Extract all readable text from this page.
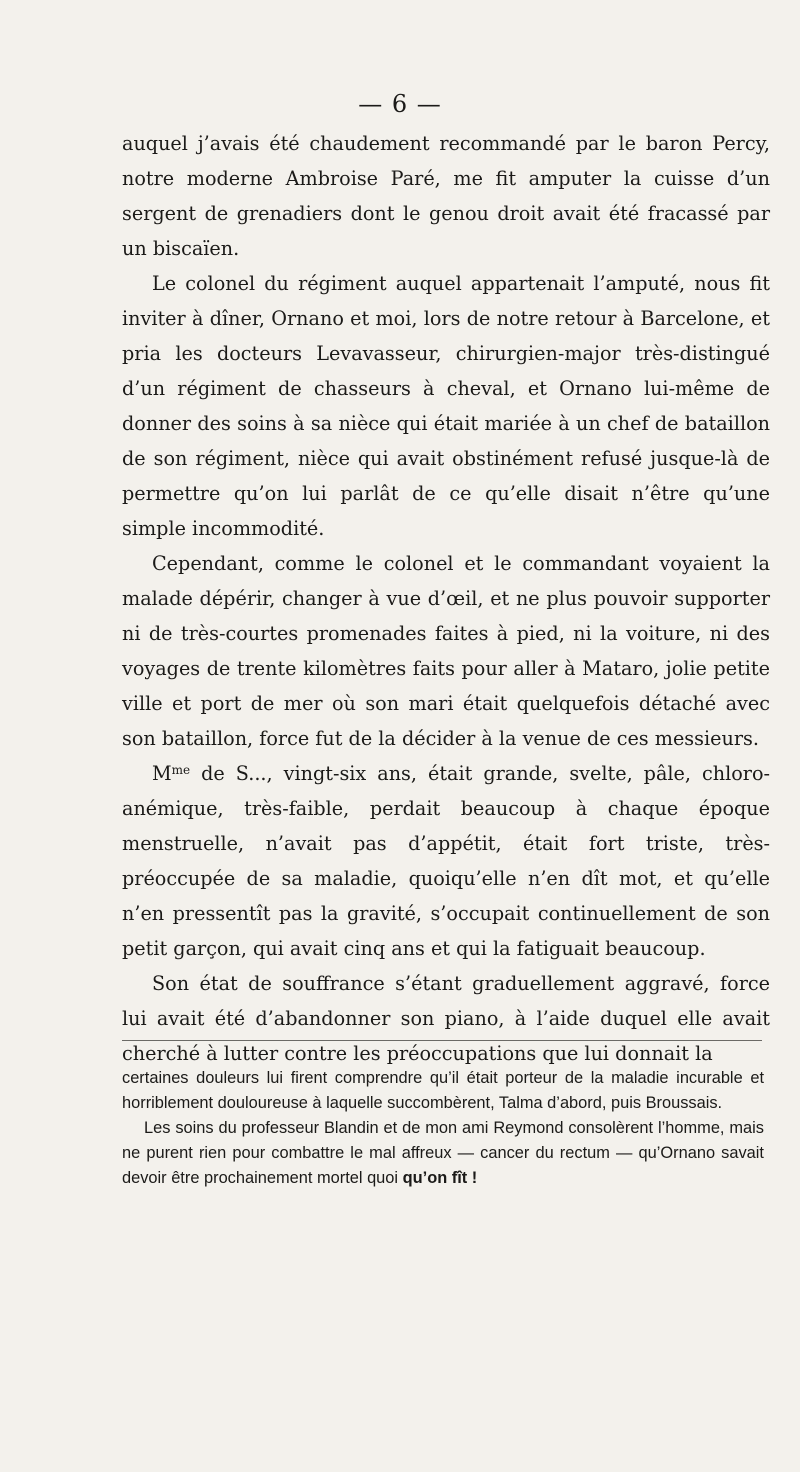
— 6 —

auquel j’avais été chaudement recommandé par le baron Percy, notre moderne Ambroise Paré, me fit amputer la cuisse d’un sergent de grenadiers dont le genou droit avait été fracassé par un biscaïen.

Le colonel du régiment auquel appartenait l’amputé, nous fit inviter à dîner, Ornano et moi, lors de notre retour à Barcelone, et pria les docteurs Levavasseur, chirurgien-major très-distingué d’un régiment de chasseurs à cheval, et Ornano lui-même de donner des soins à sa nièce qui était mariée à un chef de bataillon de son régiment, nièce qui avait obstinément refusé jusque-là de permettre qu’on lui parlât de ce qu’elle disait n’être qu’une simple incommodité.

Cependant, comme le colonel et le commandant voyaient la malade dépérir, changer à vue d’œil, et ne plus pouvoir supporter ni de très-courtes promenades faites à pied, ni la voiture, ni des voyages de trente kilomètres faits pour aller à Mataro, jolie petite ville et port de mer où son mari était quelquefois détaché avec son bataillon, force fut de la décider à la venue de ces messieurs.

$M^{me}$ de S..., vingt-six ans, était grande, svelte, pâle, chloro-anémique, très-faible, perdait beaucoup à chaque époque menstruelle, n’avait pas d’appétit, était fort triste, très-préoccupée de sa maladie, quoiqu’elle n’en dît mot, et qu’elle n’en pressentît pas la gravité, s’occupait continuellement de son petit garçon, qui avait cinq ans et qui la fatiguait beaucoup.

Son état de souffrance s’étant graduellement aggravé, force lui avait été d’abandonner son piano, à l’aide duquel elle avait cherché à lutter contre les préoccupations que lui donnait la

certaines douleurs lui firent comprendre qu’il était porteur de la maladie incurable et horriblement douloureuse à laquelle succombèrent, Talma d’abord, puis Broussais.

Les soins du professeur Blandin et de mon ami Reymond consolèrent l’homme, mais ne purent rien pour combattre le mal affreux — cancer du rectum — qu’Ornano savait devoir être prochainement mortel quoi qu’on fît !
